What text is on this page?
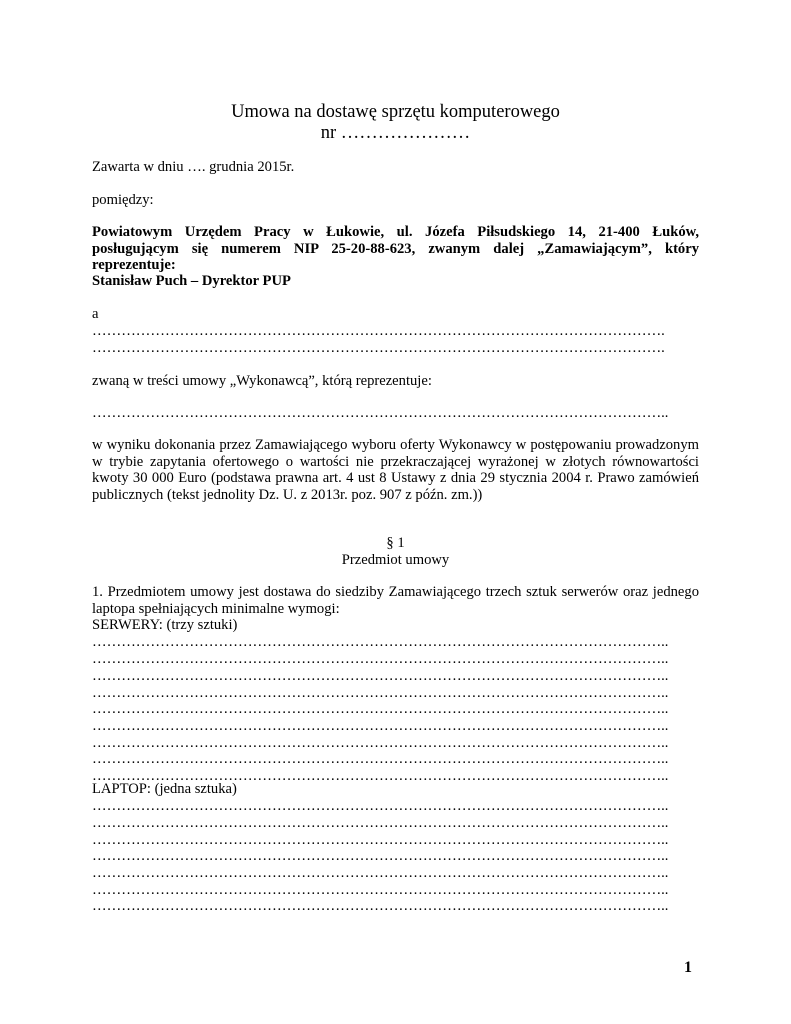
Umowa na dostawę sprzętu komputerowego
nr …………………
Zawarta w dniu …. grudnia 2015r.
pomiędzy:
Powiatowym Urzędem Pracy w Łukowie, ul. Józefa Piłsudskiego 14, 21-400 Łuków, posługującym się numerem NIP 25-20-88-623, zwanym dalej „Zamawiającym”, który reprezentuje:
Stanisław Puch – Dyrektor PUP
a
……………………………………………………………………………………………………….
……………………………………………………………………………………………………….
zwaną w treści umowy „Wykonawcą”, którą reprezentuje:
………………………………………………………………………………………………………..
w wyniku dokonania przez Zamawiającego wyboru oferty Wykonawcy w postępowaniu prowadzonym w trybie zapytania ofertowego o wartości nie przekraczającej wyrażonej w złotych równowartości kwoty 30 000 Euro (podstawa prawna art. 4 ust 8 Ustawy z dnia 29 stycznia 2004 r. Prawo zamówień publicznych (tekst jednolity Dz. U. z 2013r. poz. 907 z późn. zm.))
§ 1
Przedmiot umowy
1. Przedmiotem umowy jest dostawa do siedziby Zamawiającego trzech sztuk serwerów oraz jednego laptopa spełniających minimalne wymogi:
SERWERY: (trzy sztuki)
………………………………………………………………………………………………………..
………………………………………………………………………………………………………..
………………………………………………………………………………………………………..
………………………………………………………………………………………………………..
………………………………………………………………………………………………………..
………………………………………………………………………………………………………..
………………………………………………………………………………………………………..
………………………………………………………………………………………………………..
………………………………………………………………………………………………………..
LAPTOP: (jedna sztuka)
………………………………………………………………………………………………………..
………………………………………………………………………………………………………..
………………………………………………………………………………………………………..
………………………………………………………………………………………………………..
………………………………………………………………………………………………………..
………………………………………………………………………………………………………..
………………………………………………………………………………………………………..
1
